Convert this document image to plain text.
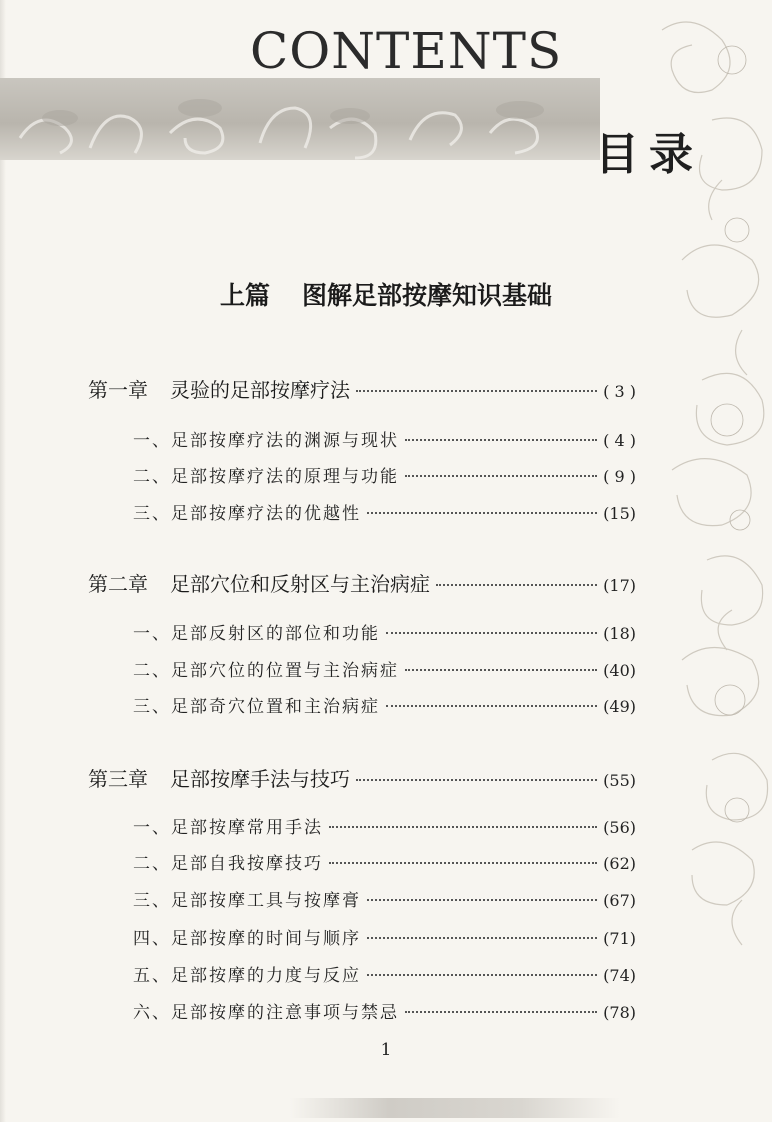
CONTENTS
目录
上篇 图解足部按摩知识基础
第一章 灵验的足部按摩疗法	( 3 )
一、足部按摩疗法的渊源与现状	( 4 )
二、足部按摩疗法的原理与功能	( 9 )
三、足部按摩疗法的优越性	(15)
第二章 足部穴位和反射区与主治病症	(17)
一、足部反射区的部位和功能	(18)
二、足部穴位的位置与主治病症	(40)
三、足部奇穴位置和主治病症	(49)
第三章 足部按摩手法与技巧	(55)
一、足部按摩常用手法	(56)
二、足部自我按摩技巧	(62)
三、足部按摩工具与按摩膏	(67)
四、足部按摩的时间与顺序	(71)
五、足部按摩的力度与反应	(74)
六、足部按摩的注意事项与禁忌	(78)
1
